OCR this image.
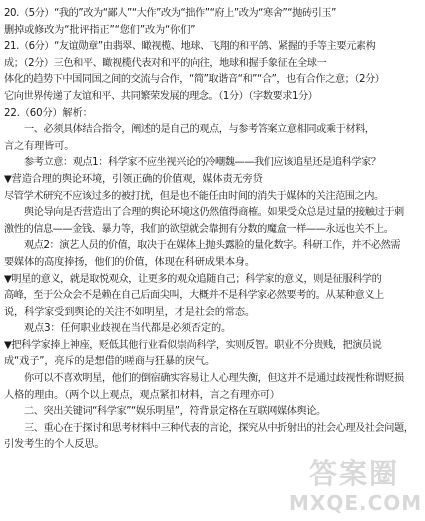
20.（5分）“我的”改为“鄙人”“大作”改为“拙作”“府上”改为“寒舍”“抛砖引玉”
删掉或修改为“批评指正”“您们”改为“你们”
21.（6分）“友谊勋章”由翡翠、瞰视榄、地球、飞翔的和平鸽、紧握的手等主要元素构
成；（2分）三色和平、瞰视榄代表对和平的向往，地球和握手象征在全球一
体化的趋势下中国同国之间的交流与合作，“简”取谐音“和”“合”，也有合作之意；（2分）
它向世界传递了友谊和平、共同繁荣发展的理念。（1分）（字数要求1分）
22.（60分）解析：
一、必须具体结合指令，阐述的是自己的观点，与参考答案立意相同或乘于材料，
言之有理皆可。
参考立意：观点1：科学家不应坐视兴论的冷嘲魏——我们应该追星还是追科学家？
▼营造合理的舆论环境，引领正确的价值观，媒体责无旁贷
尽管学术研究不应该过多的被打扰，但是也不能任由时间的消失于媒体的关注范围之内。
舆论导向是否营造出了合理的舆论环境这仍然值得商榷。如果受众总是过量的接触过于刺
激性的信息——金钱、暴力等，我们的欲望就会靠拥有分数的魔盒一样——永远也关不上。
观点2：演艺人员的价值，取决于在媒体上抛头露脸的量化数字。科研工作，并不必然需
要媒体的高度捧扬，他们的价值，体现在科研成果本身。
▼明星的意义，就是取悦观众，让更多的观众追随自己；科学家的意义，则是征服科学的
高峰，至于公众会不是赖在自己后面尖叫，大概并不是科学家必然要考的。从某种意义上
说，科学家受到舆论的关注不如明星，才是社会的常态。
观点3：任何职业歧视在当代都是必须否定的。
▼把科学家捧上神座，贬低其他行业看似崇尚科学，实则反智。职业不分贵贱，把演员说
成“戏子”，亮斥的是想借的嗟商与狂暴的戾气。
你可以不喜欢明星，他们的倒宿确实容易让人心理失衡，但这并不是通过歧视性称谓贬损
人格的理由。（两个以上观点，观点紧扣材料，言之有理亦可）
二、突出关键词“科学家”“娱乐明星”，符背景定格在互联网媒体舆论。
三、重心在于探讨和思考材料中三种代表的言论，探究从中折射出的社会心理及社会问题，
引发考生的个人反思。
答案圈
MXQE.COM
